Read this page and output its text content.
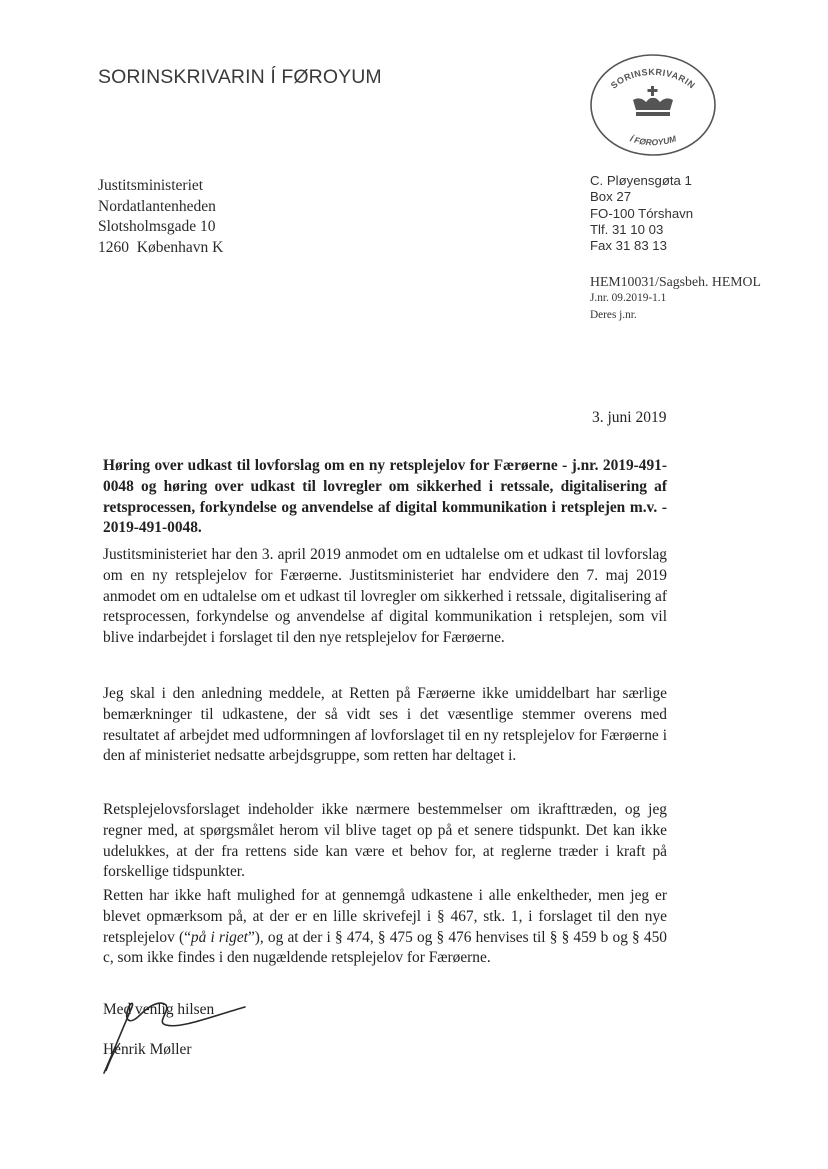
SORINSKRIVARIN Í FØROYUM	SORINSKRIVARIN
Í FØROYUM
Justitsministeriet
Nordatlantenheden
Slotsholmsgade 10
1260  København K
C. Pløyensgøta 1
Box 27
FO-100 Tórshavn
Tlf. 31 10 03
Fax 31 83 13
HEM10031/Sagsbeh. HEMOL
J.nr. 09.2019-1.1
Deres j.nr.
3. juni 2019
Høring over udkast til lovforslag om en ny retsplejelov for Færøerne - j.nr. 2019-491-0048 og høring over udkast til lovregler om sikkerhed i retssale, digitalisering af retsprocessen, forkyndelse og anvendelse af digital kommunikation i retsplejen m.v. - 2019-491-0048.
Justitsministeriet har den 3. april 2019 anmodet om en udtalelse om et udkast til lovforslag om en ny retsplejelov for Færøerne. Justitsministeriet har endvidere den 7. maj 2019 anmodet om en udtalelse om et udkast til lovregler om sikkerhed i retssale, digitalisering af retsprocessen, forkyndelse og anvendelse af digital kommunikation i retsplejen, som vil blive indarbejdet i forslaget til den nye retsplejelov for Færøerne.
Jeg skal i den anledning meddele, at Retten på Færøerne ikke umiddelbart har særlige bemærkninger til udkastene, der så vidt ses i det væsentlige stemmer overens med resultatet af arbejdet med udformningen af lovforslaget til en ny retsplejelov for Færøerne i den af ministeriet nedsatte arbejdsgruppe, som retten har deltaget i.
Retsplejelovsforslaget indeholder ikke nærmere bestemmelser om ikrafttræden, og jeg regner med, at spørgsmålet herom vil blive taget op på et senere tidspunkt. Det kan ikke udelukkes, at der fra rettens side kan være et behov for, at reglerne træder i kraft på forskellige tidspunkter.
Retten har ikke haft mulighed for at gennemgå udkastene i alle enkeltheder, men jeg er blevet opmærksom på, at der er en lille skrivefejl i § 467, stk. 1, i forslaget til den nye retsplejelov (“på i riget”), og at der i § 474, § 475 og § 476 henvises til § § 459 b og § 450 c, som ikke findes i den nugældende retsplejelov for Færøerne.
Med venlig hilsen
Henrik Møller
